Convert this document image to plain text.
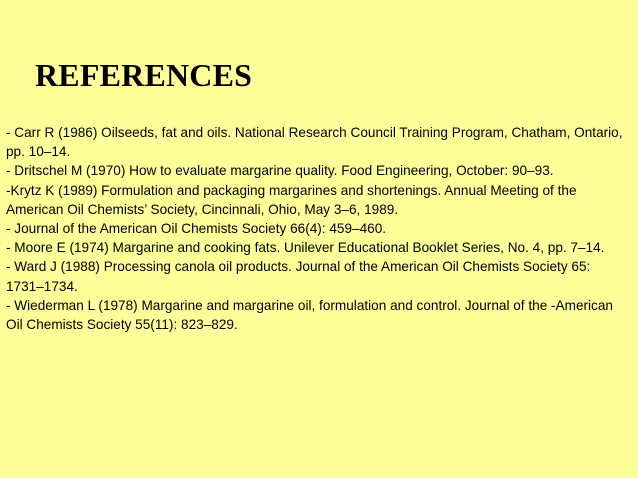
REFERENCES
- Carr R (1986) Oilseeds, fat and oils. National Research Council Training Program, Chatham, Ontario, pp. 10–14.
- Dritschel M (1970) How to evaluate margarine quality. Food Engineering, October: 90–93.
-Krytz K (1989) Formulation and packaging margarines and shortenings. Annual Meeting of the American Oil Chemists’ Society, Cincinnali, Ohio, May 3–6, 1989.
- Journal of the American Oil Chemists Society 66(4): 459–460.
- Moore E (1974) Margarine and cooking fats. Unilever Educational Booklet Series, No. 4, pp. 7–14.
- Ward J (1988) Processing canola oil products. Journal of the American Oil Chemists Society 65: 1731–1734.
- Wiederman L (1978) Margarine and margarine oil, formulation and control. Journal of the -American Oil Chemists Society 55(11): 823–829.
